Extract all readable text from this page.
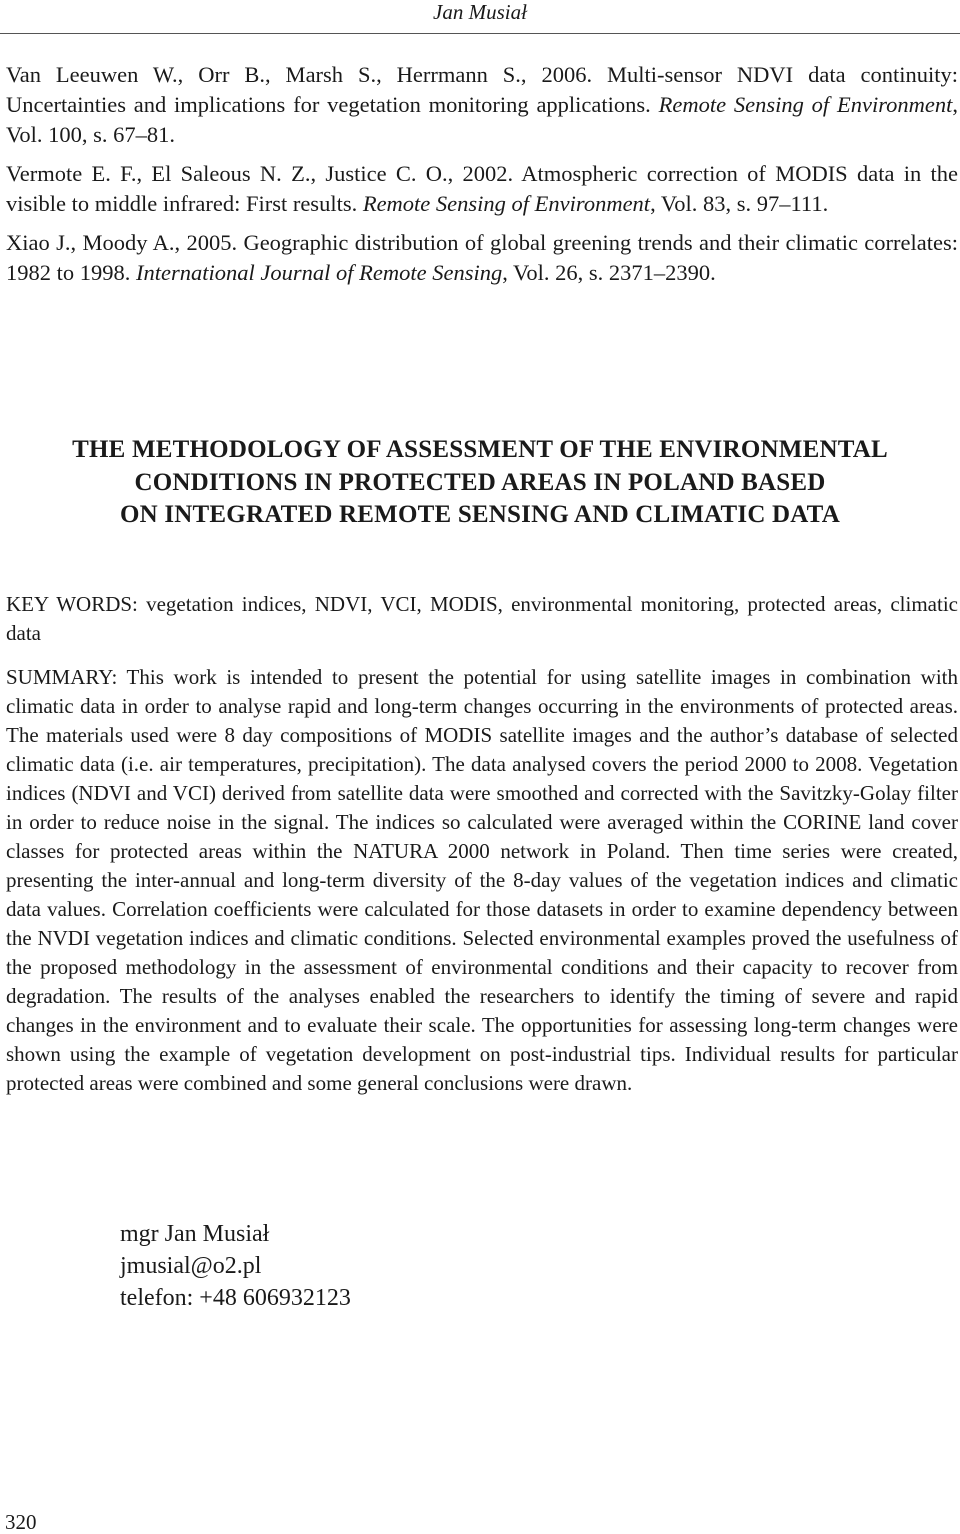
Jan Musiał

Van Leeuwen W., Orr B., Marsh S., Herrmann S., 2006. Multi-sensor NDVI data continuity: Uncertainties and implications for vegetation monitoring applications. Remote Sensing of Environment, Vol. 100, s. 67–81.

Vermote E. F., El Saleous N. Z., Justice C. O., 2002. Atmospheric correction of MODIS data in the visible to middle infrared: First results. Remote Sensing of Environment, Vol. 83, s. 97–111.

Xiao J., Moody A., 2005. Geographic distribution of global greening trends and their climatic correlates: 1982 to 1998. International Journal of Remote Sensing, Vol. 26, s. 2371–2390.

THE METHODOLOGY OF ASSESSMENT OF THE ENVIRONMENTAL
CONDITIONS IN PROTECTED AREAS IN POLAND BASED
ON INTEGRATED REMOTE SENSING AND CLIMATIC DATA

KEY WORDS: vegetation indices, NDVI, VCI, MODIS, environmental monitoring, protected areas, climatic data

SUMMARY: This work is intended to present the potential for using satellite images in combination with climatic data in order to analyse rapid and long-term changes occurring in the environments of protected areas. The materials used were 8 day compositions of MODIS satellite images and the author’s database of selected climatic data (i.e. air temperatures, precipitation). The data analysed covers the period 2000 to 2008. Vegetation indices (NDVI and VCI) derived from satellite data were smoothed and corrected with the Savitzky-Golay filter in order to reduce noise in the signal. The indices so calculated were averaged within the CORINE land cover classes for protected areas within the NATURA 2000 network in Poland. Then time series were created, presenting the inter-annual and long-term diversity of the 8-day values of the vegetation indices and climatic data values. Correlation coefficients were calculated for those datasets in order to examine dependency between the NVDI vegetation indices and climatic conditions. Selected environmental examples proved the usefulness of the proposed methodology in the assessment of environmental conditions and their capacity to recover from degradation. The results of the analyses enabled the researchers to identify the timing of severe and rapid changes in the environment and to evaluate their scale. The opportunities for assessing long-term changes were shown using the example of vegetation development on post-industrial tips. Individual results for particular protected areas were combined and some general conclusions were drawn.

mgr Jan Musiał
jmusial@o2.pl
telefon: +48 606932123
320
